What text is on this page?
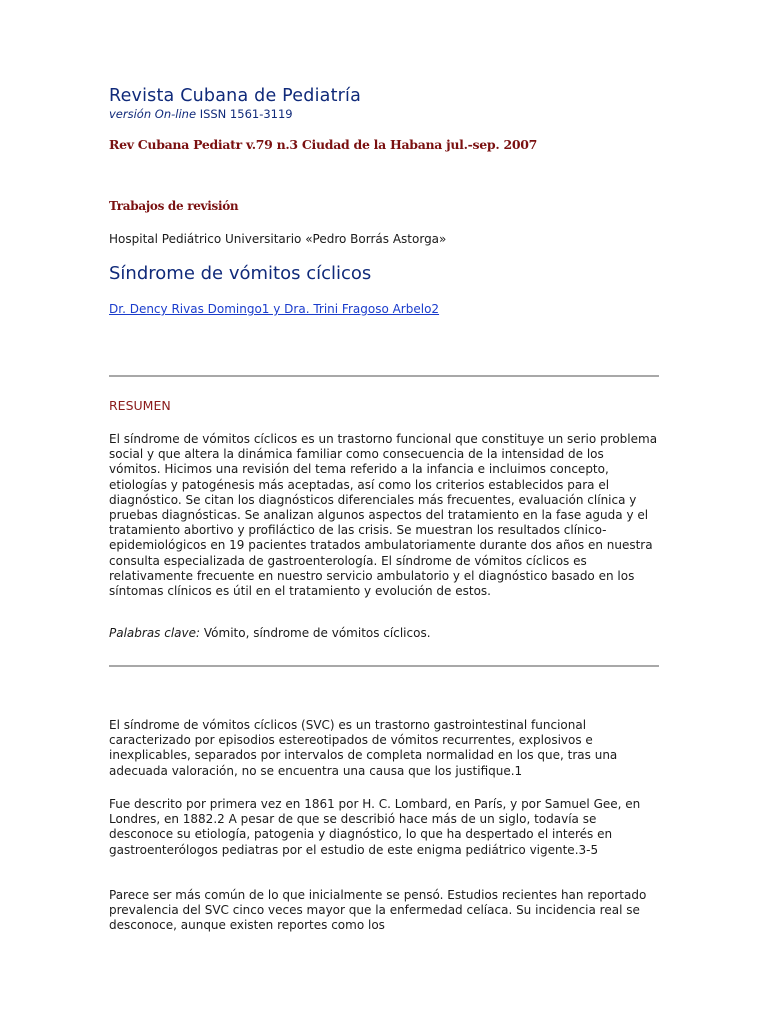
Revista Cubana de Pediatría
versión On-line ISSN 1561-3119
Rev Cubana Pediatr v.79 n.3 Ciudad de la Habana jul.-sep. 2007
Trabajos de revisión
Hospital Pediátrico Universitario «Pedro Borrás Astorga»
Síndrome de vómitos cíclicos
Dr. Dency Rivas Domingo1 y Dra. Trini Fragoso Arbelo2
RESUMEN

El síndrome de vómitos cíclicos es un trastorno funcional que constituye un serio problema social y que altera la dinámica familiar como consecuencia de la intensidad de los vómitos. Hicimos una revisión del tema referido a la infancia e incluimos concepto, etiologías y patogénesis más aceptadas, así como los criterios establecidos para el diagnóstico. Se citan los diagnósticos diferenciales más frecuentes, evaluación clínica y pruebas diagnósticas. Se analizan algunos aspectos del tratamiento en la fase aguda y el tratamiento abortivo y profiláctico de las crisis. Se muestran los resultados clínico-epidemiológicos en 19 pacientes tratados ambulatoriamente durante dos años en nuestra consulta especializada de gastroenterología. El síndrome de vómitos cíclicos es relativamente frecuente en nuestro servicio ambulatorio y el diagnóstico basado en los síntomas clínicos es útil en el tratamiento y evolución de estos.

Palabras clave: Vómito, síndrome de vómitos cíclicos.

El síndrome de vómitos cíclicos (SVC) es un trastorno gastrointestinal funcional caracterizado por episodios estereotipados de vómitos recurrentes, explosivos e inexplicables, separados por intervalos de completa normalidad en los que, tras una adecuada valoración, no se encuentra una causa que los justifique.1

Fue descrito por primera vez en 1861 por H. C. Lombard, en París, y por Samuel Gee, en Londres, en 1882.2 A pesar de que se describió hace más de un siglo, todavía se desconoce su etiología, patogenia y diagnóstico, lo que ha despertado el interés en gastroenterólogos pediatras por el estudio de este enigma pediátrico vigente.3-5

Parece ser más común de lo que inicialmente se pensó. Estudios recientes han reportado prevalencia del SVC cinco veces mayor que la enfermedad celíaca. Su incidencia real se desconoce, aunque existen reportes como los
